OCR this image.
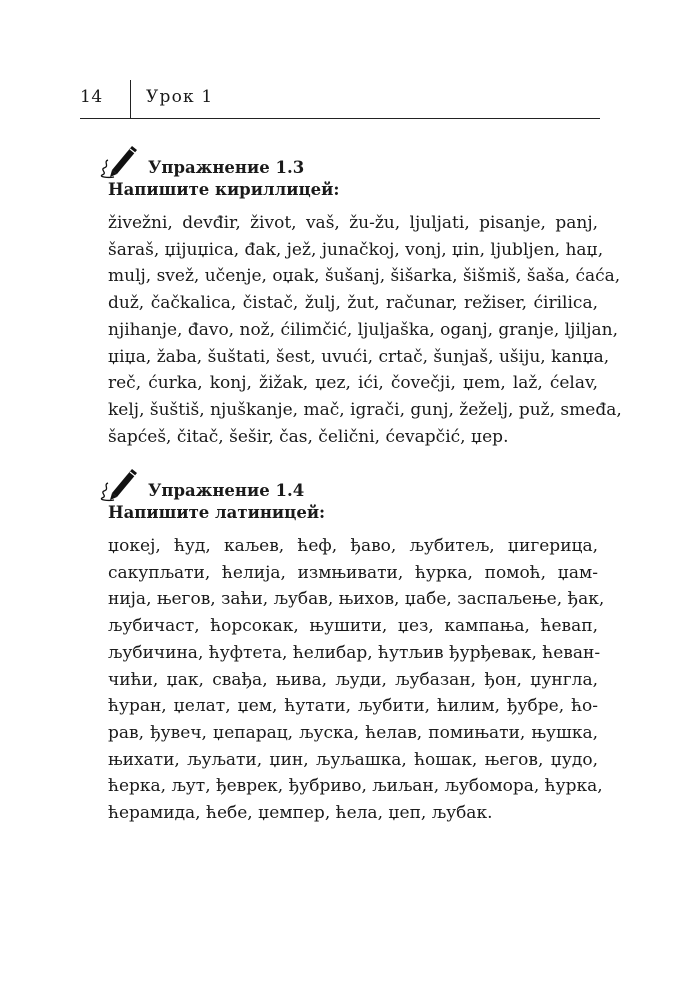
14	Урок 1
Упражнение 1.3
Напишите кириллицей:
živežni, devđir, život, vaš, žu-žu, ljuljati, pisanje, panj,
šaraš, џijuџica, đak, jež, junačkoj, vonj, џin, ljubljen, haџ,
mulj, svež, učenje, oџak, šušanj, šišarka, šišmiš, šaša, ćaća,
duž, čačkalica, čistač, žulj, žut, računar, režiser, ćirilica,
njihanje, đavo, nož, ćilimčić, ljuljaška, oganj, granje, ljiljan,
џiџa, žaba, šuštati, šest, uvući, crtač, šunjaš, ušiju, kanџa,
reč, ćurka, konj, žižak, џez, ići, čovečji, џem, laž, ćelav,
kelj, šuštiš, njuškanje, mač, igrači, gunj, žeželj, puž, smeđa,
šapćeš, čitač, šešir, čas, čelični, ćevapčić, џep.
Упражнение 1.4
Напишите латиницей:
џокеј, ћуд, каљев, ћеф, ђаво, љубитељ, џигерица,
сакупљати, ћелија, измњивати, ћурка, помоћ, џам-
нија, његов, заћи, љубав, њихов, џабе, заспаљење, ђак,
љубичаст, ћорсокак, њушити, џез, кампања, ћевап,
љубичина, ћуфтета, ћелибар, ћутљив ђурђевак, ћеван-
чићи, џак, свађа, њива, људи, љубазан, ђон, џунгла,
ћуран, џелат, џем, ћутати, љубити, ћилим, ђубре, ћо-
рав, ђувеч, џепарац, љуска, ћелав, помињати, њушка,
њихати, љуљати, џин, љуљашка, ћошак, његов, џудо,
ћерка, љут, ђеврек, ђубриво, љиљан, љубомора, ћурка,
ћерамида, ћебе, џемпер, ћела, џеп, љубак.
